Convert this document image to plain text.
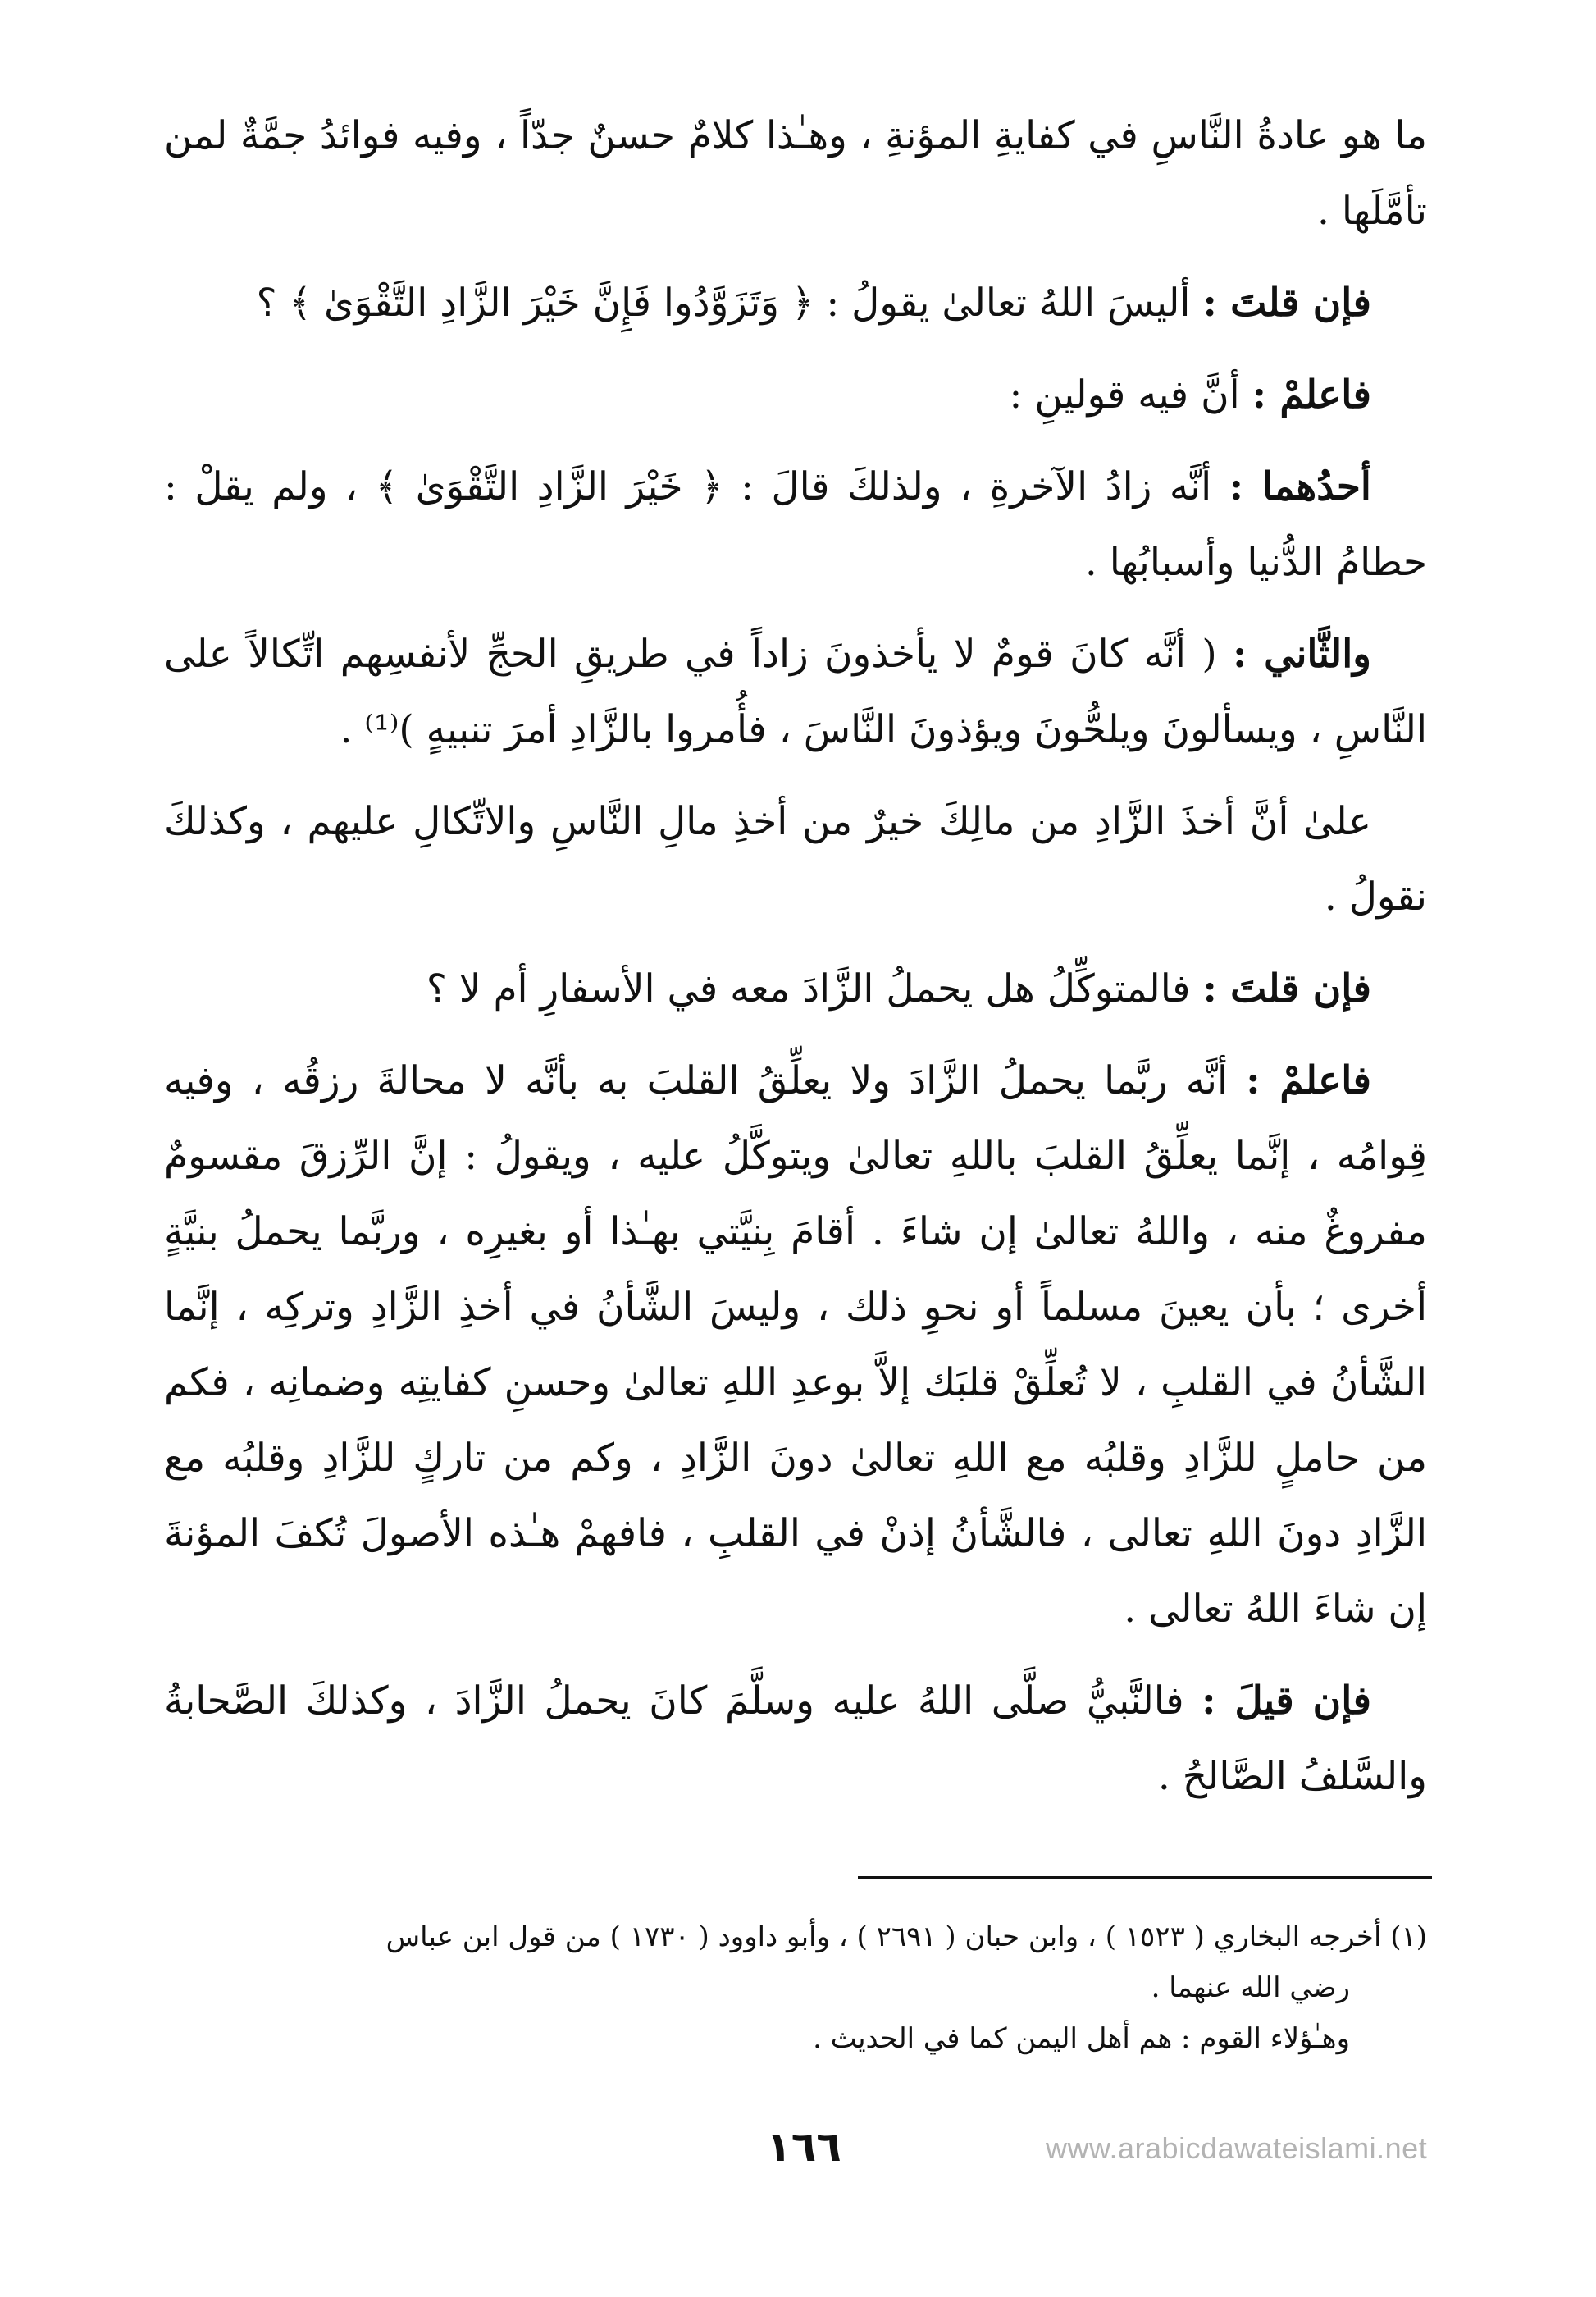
ما هو عادةُ النَّاسِ في كفايةِ المؤنةِ ، وهـٰذا كلامٌ حسنٌ جدّاً ، وفيه فوائدُ جمَّةٌ لمن تأمَّلَها .

فإن قلتَ : أليسَ اللهُ تعالىٰ يقولُ : ﴿ وَتَزَوَّدُوا فَإِنَّ خَيْرَ الزَّادِ التَّقْوَىٰ ﴾ ؟

فاعلمْ : أنَّ فيه قولينِ :

أحدُهما : أنَّه زادُ الآخرةِ ، ولذلكَ قالَ : ﴿ خَيْرَ الزَّادِ التَّقْوَىٰ ﴾ ، ولم يقلْ : حطامُ الدُّنيا وأسبابُها .

والثَّاني : ( أنَّه كانَ قومٌ لا يأخذونَ زاداً في طريقِ الحجِّ لأنفسِهم اتِّكالاً على النَّاسِ ، ويسألونَ ويلحُّونَ ويؤذونَ النَّاسَ ، فأُمروا بالزَّادِ أمرَ تنبيهٍ )⁽¹⁾ .

علىٰ أنَّ أخذَ الزَّادِ من مالِكَ خيرٌ من أخذِ مالِ النَّاسِ والاتِّكالِ عليهم ، وكذلكَ نقولُ .

فإن قلتَ : فالمتوكِّلُ هل يحملُ الزَّادَ معه في الأسفارِ أم لا ؟

فاعلمْ : أنَّه ربَّما يحملُ الزَّادَ ولا يعلِّقُ القلبَ به بأنَّه لا محالةَ رزقُه ، وفيه قِوامُه ، إنَّما يعلِّقُ القلبَ باللهِ تعالىٰ ويتوكَّلُ عليه ، ويقولُ : إنَّ الرِّزقَ مقسومٌ مفروغٌ منه ، واللهُ تعالىٰ إن شاءَ . أقامَ بِنيَّتي بهـٰذا أو بغيرِه ، وربَّما يحملُ بنيَّةٍ أخرى ؛ بأن يعينَ مسلماً أو نحوِ ذلك ، وليسَ الشَّأنُ في أخذِ الزَّادِ وتركِه ، إنَّما الشَّأنُ في القلبِ ، لا تُعلِّقْ قلبَك إلاَّ بوعدِ اللهِ تعالىٰ وحسنِ كفايتِه وضمانِه ، فكم من حاملٍ للزَّادِ وقلبُه مع اللهِ تعالىٰ دونَ الزَّادِ ، وكم من تاركٍ للزَّادِ وقلبُه مع الزَّادِ دونَ اللهِ تعالى ، فالشَّأنُ إذنْ في القلبِ ، فافهمْ هـٰذه الأصولَ تُكفَ المؤنةَ إن شاءَ اللهُ تعالى .

فإن قيلَ : فالنَّبيُّ صلَّى اللهُ عليه وسلَّمَ كانَ يحملُ الزَّادَ ، وكذلكَ الصَّحابةُ والسَّلفُ الصَّالحُ .

(١) أخرجه البخاري ( ١٥٢٣ ) ، وابن حبان ( ٢٦٩١ ) ، وأبو داوود ( ١٧٣٠ ) من قول ابن عباس

رضي الله عنهما .

وهـٰؤلاء القوم : هم أهل اليمن كما في الحديث .

١٦٦	www.arabicdawateislami.net
